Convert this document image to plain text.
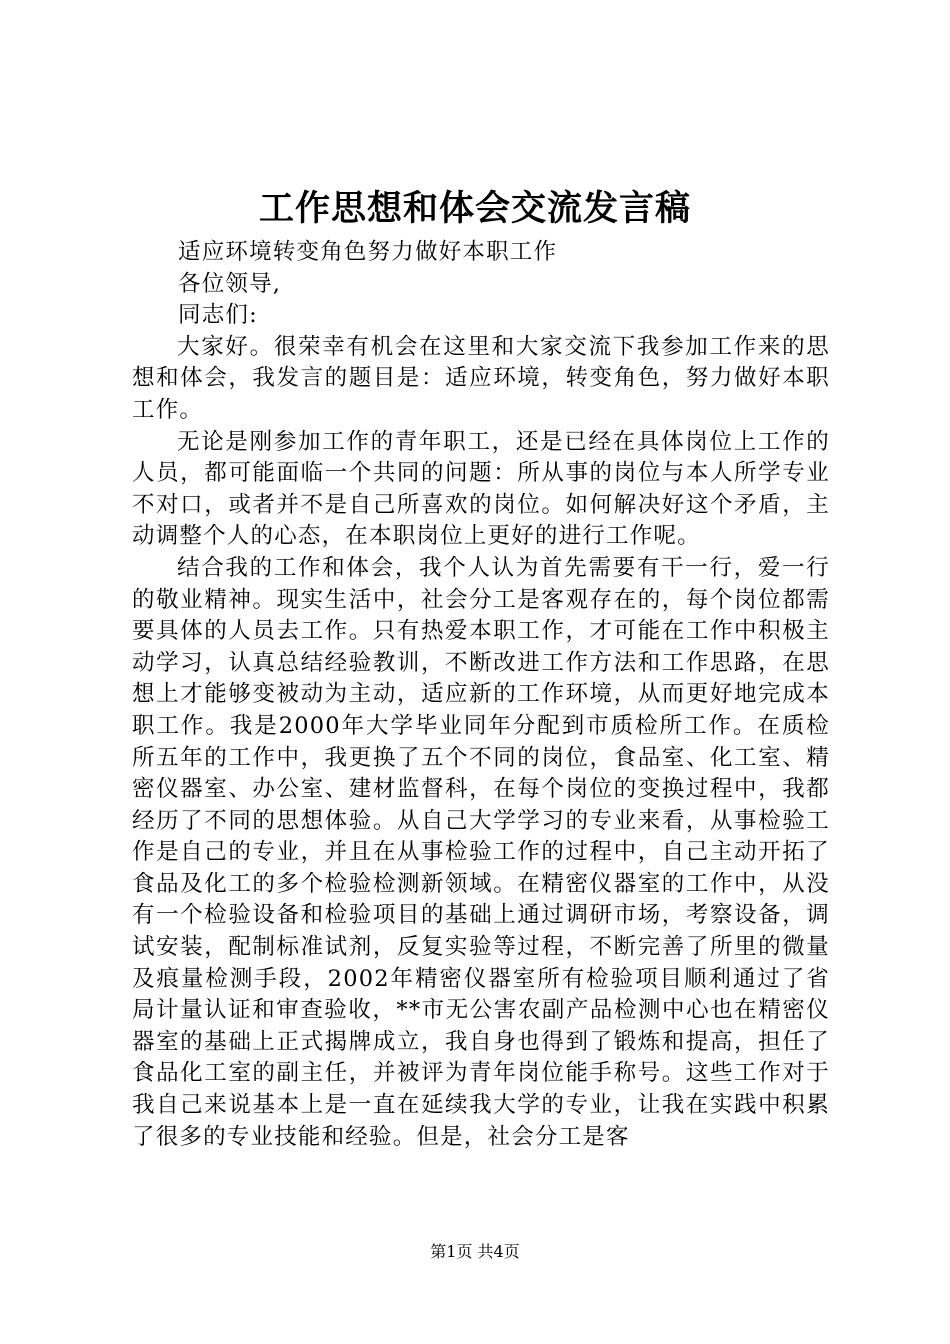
工作思想和体会交流发言稿

适应环境转变角色努力做好本职工作

各位领导,

同志们:

大家好。很荣幸有机会在这里和大家交流下我参加工作来的思想和体会，我发言的题目是：适应环境，转变角色，努力做好本职工作。

无论是刚参加工作的青年职工，还是已经在具体岗位上工作的人员，都可能面临一个共同的问题：所从事的岗位与本人所学专业不对口，或者并不是自己所喜欢的岗位。如何解决好这个矛盾，主动调整个人的心态，在本职岗位上更好的进行工作呢。

结合我的工作和体会，我个人认为首先需要有干一行，爱一行的敬业精神。现实生活中，社会分工是客观存在的，每个岗位都需要具体的人员去工作。只有热爱本职工作，才可能在工作中积极主动学习，认真总结经验教训，不断改进工作方法和工作思路，在思想上才能够变被动为主动，适应新的工作环境，从而更好地完成本职工作。我是2000年大学毕业同年分配到市质检所工作。在质检所五年的工作中，我更换了五个不同的岗位，食品室、化工室、精密仪器室、办公室、建材监督科，在每个岗位的变换过程中，我都经历了不同的思想体验。从自己大学学习的专业来看，从事检验工作是自己的专业，并且在从事检验工作的过程中，自己主动开拓了食品及化工的多个检验检测新领域。在精密仪器室的工作中，从没有一个检验设备和检验项目的基础上通过调研市场，考察设备，调试安装，配制标准试剂，反复实验等过程，不断完善了所里的微量及痕量检测手段，2002年精密仪器室所有检验项目顺利通过了省局计量认证和审查验收，**市无公害农副产品检测中心也在精密仪器室的基础上正式揭牌成立，我自身也得到了锻炼和提高，担任了食品化工室的副主任，并被评为青年岗位能手称号。这些工作对于我自己来说基本上是一直在延续我大学的专业，让我在实践中积累了很多的专业技能和经验。但是，社会分工是客

第1页 共4页
